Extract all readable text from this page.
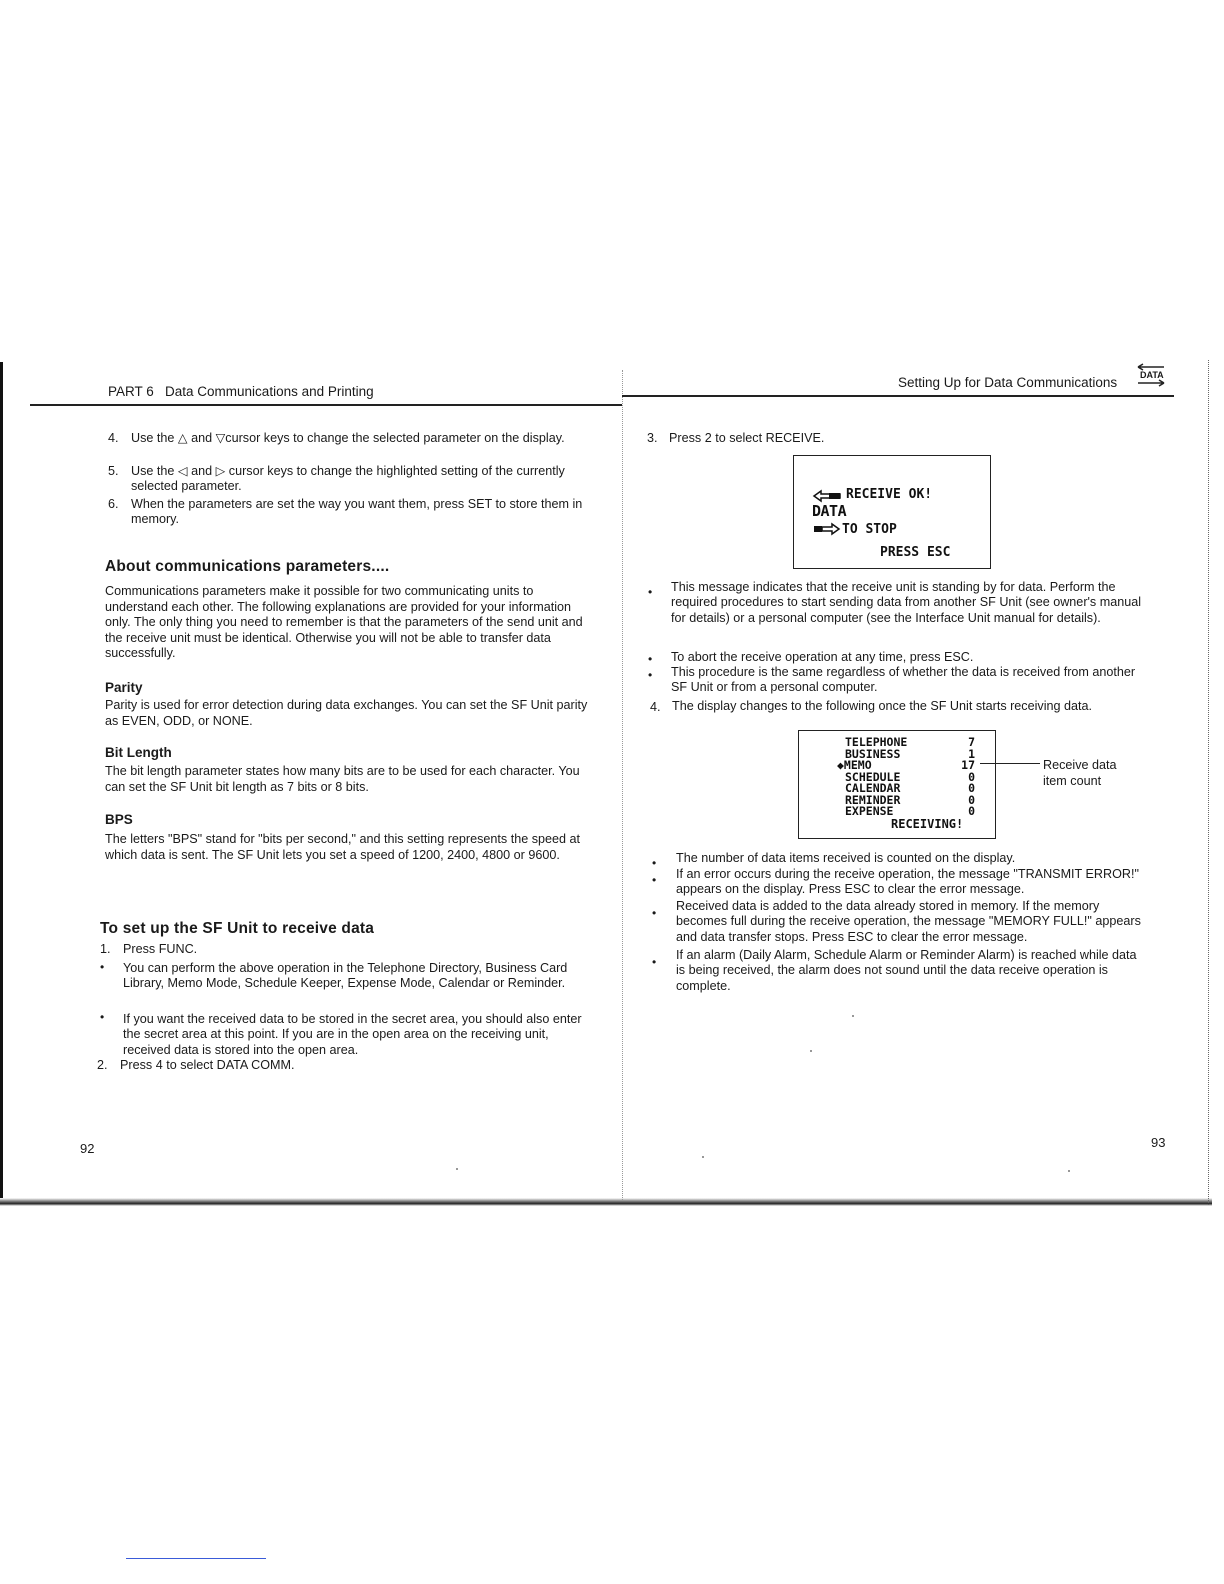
PART 6   Data Communications and Printing
4. Use the △ and ▽cursor keys to change the selected parameter on the display.
5. Use the ◁ and ▷ cursor keys to change the highlighted setting of the currently selected parameter.
6. When the parameters are set the way you want them, press SET to store them in memory.
About communications parameters....
Communications parameters make it possible for two communicating units to understand each other. The following explanations are provided for your information only. The only thing you need to remember is that the parameters of the send unit and the receive unit must be identical. Otherwise you will not be able to transfer data successfully.
Parity
Parity is used for error detection during data exchanges. You can set the SF Unit parity as EVEN, ODD, or NONE.
Bit Length
The bit length parameter states how many bits are to be used for each character. You can set the SF Unit bit length as 7 bits or 8 bits.
BPS
The letters "BPS" stand for "bits per second," and this setting represents the speed at which data is sent. The SF Unit lets you set a speed of 1200, 2400, 4800 or 9600.
To set up the SF Unit to receive data
1. Press FUNC.
• You can perform the above operation in the Telephone Directory, Business Card Library, Memo Mode, Schedule Keeper, Expense Mode, Calendar or Reminder.
• If you want the received data to be stored in the secret area, you should also enter the secret area at this point. If you are in the open area on the receiving unit, received data is stored into the open area.
2. Press 4 to select DATA COMM.
92
Setting Up for Data Communications	DATA
3. Press 2 to select RECEIVE.
RECEIVE OK!
DATA
TO STOP
PRESS ESC
• This message indicates that the receive unit is standing by for data. Perform the required procedures to start sending data from another SF Unit (see owner's manual for details) or a personal computer (see the Interface Unit manual for details).
• To abort the receive operation at any time, press ESC.
• This procedure is the same regardless of whether the data is received from another SF Unit or from a personal computer.
4. The display changes to the following once the SF Unit starts receiving data.
TELEPHONE	7
BUSINESS	1
◆MEMO	17
SCHEDULE	0
CALENDAR	0
REMINDER	0
EXPENSE	0
RECEIVING!
Receive data
item count
• The number of data items received is counted on the display.
• If an error occurs during the receive operation, the message "TRANSMIT ERROR!" appears on the display. Press ESC to clear the error message.
• Received data is added to the data already stored in memory. If the memory becomes full during the receive operation, the message "MEMORY FULL!" appears and data transfer stops. Press ESC to clear the error message.
• If an alarm (Daily Alarm, Schedule Alarm or Reminder Alarm) is reached while data is being received, the alarm does not sound until the data receive operation is complete.
93
